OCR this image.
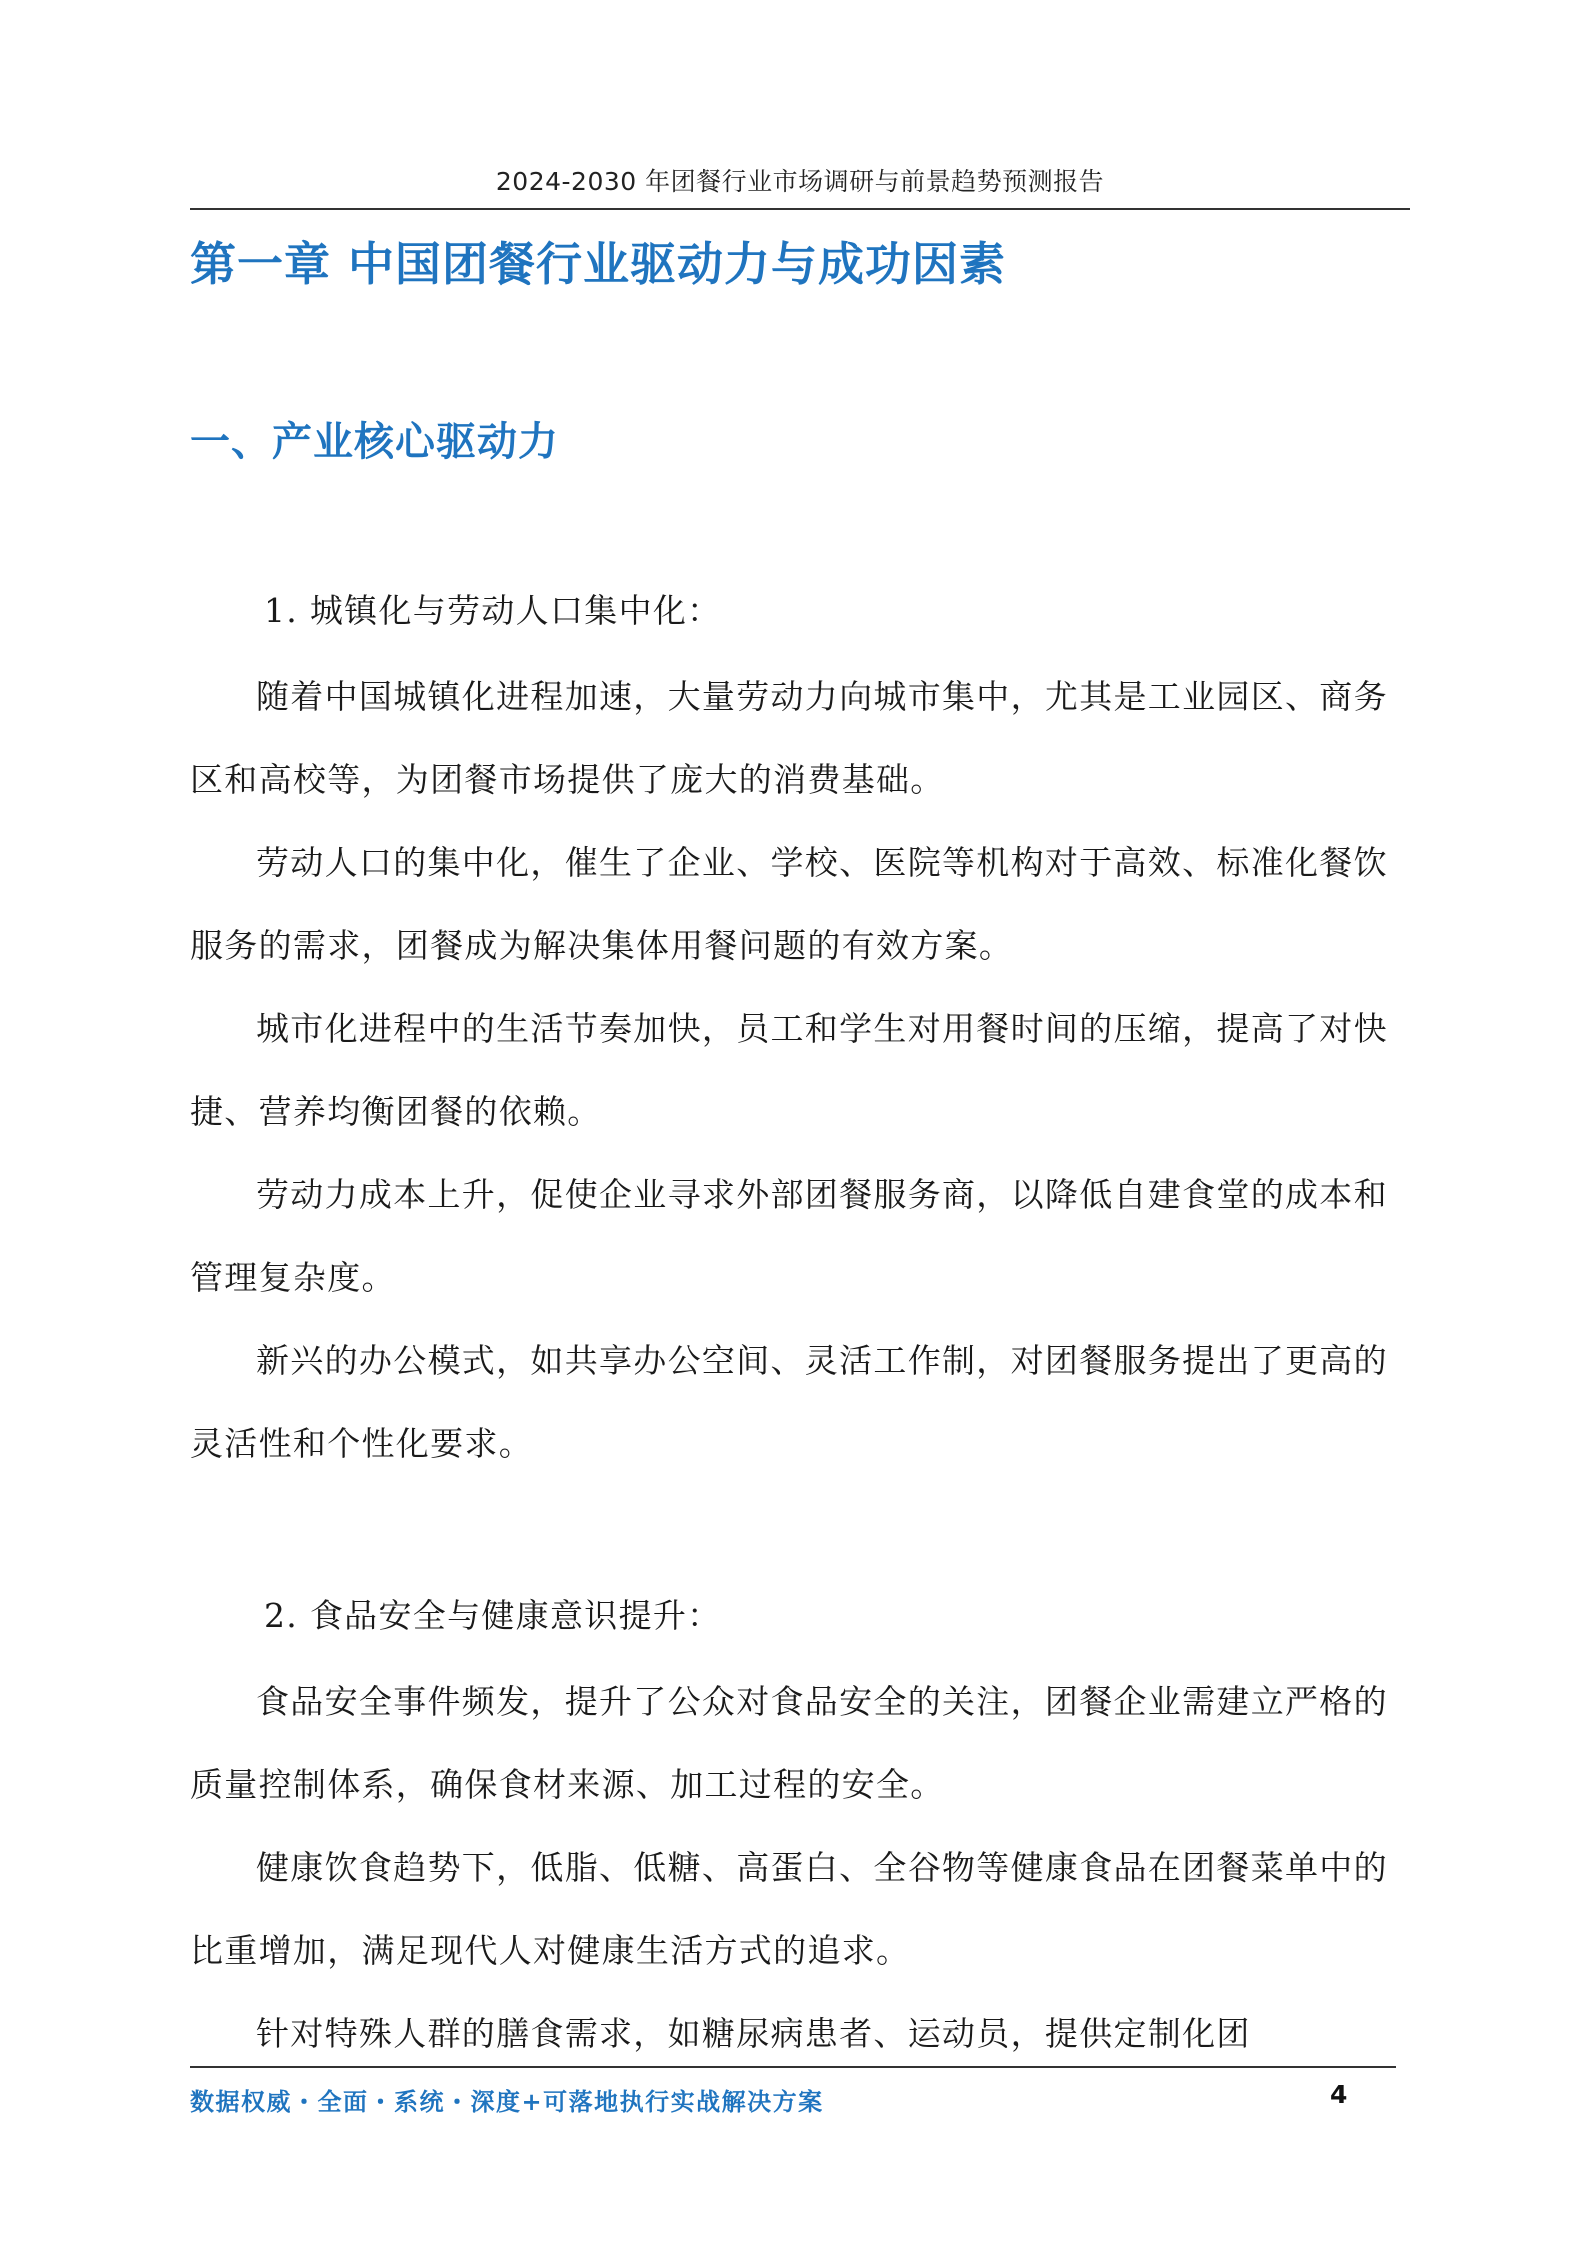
2024-2030 年团餐行业市场调研与前景趋势预测报告
第一章 中国团餐行业驱动力与成功因素
一、产业核心驱动力
1. 城镇化与劳动人口集中化：

随着中国城镇化进程加速，大量劳动力向城市集中，尤其是工业园区、商务区和高校等，为团餐市场提供了庞大的消费基础。

劳动人口的集中化，催生了企业、学校、医院等机构对于高效、标准化餐饮服务的需求，团餐成为解决集体用餐问题的有效方案。

城市化进程中的生活节奏加快，员工和学生对用餐时间的压缩，提高了对快捷、营养均衡团餐的依赖。

劳动力成本上升，促使企业寻求外部团餐服务商，以降低自建食堂的成本和管理复杂度。

新兴的办公模式，如共享办公空间、灵活工作制，对团餐服务提出了更高的灵活性和个性化要求。

2. 食品安全与健康意识提升：

食品安全事件频发，提升了公众对食品安全的关注，团餐企业需建立严格的质量控制体系，确保食材来源、加工过程的安全。

健康饮食趋势下，低脂、低糖、高蛋白、全谷物等健康食品在团餐菜单中的比重增加，满足现代人对健康生活方式的追求。

针对特殊人群的膳食需求，如糖尿病患者、运动员，提供定制化团

数据权威・全面・系统・深度+可落地执行实战解决方案	4
